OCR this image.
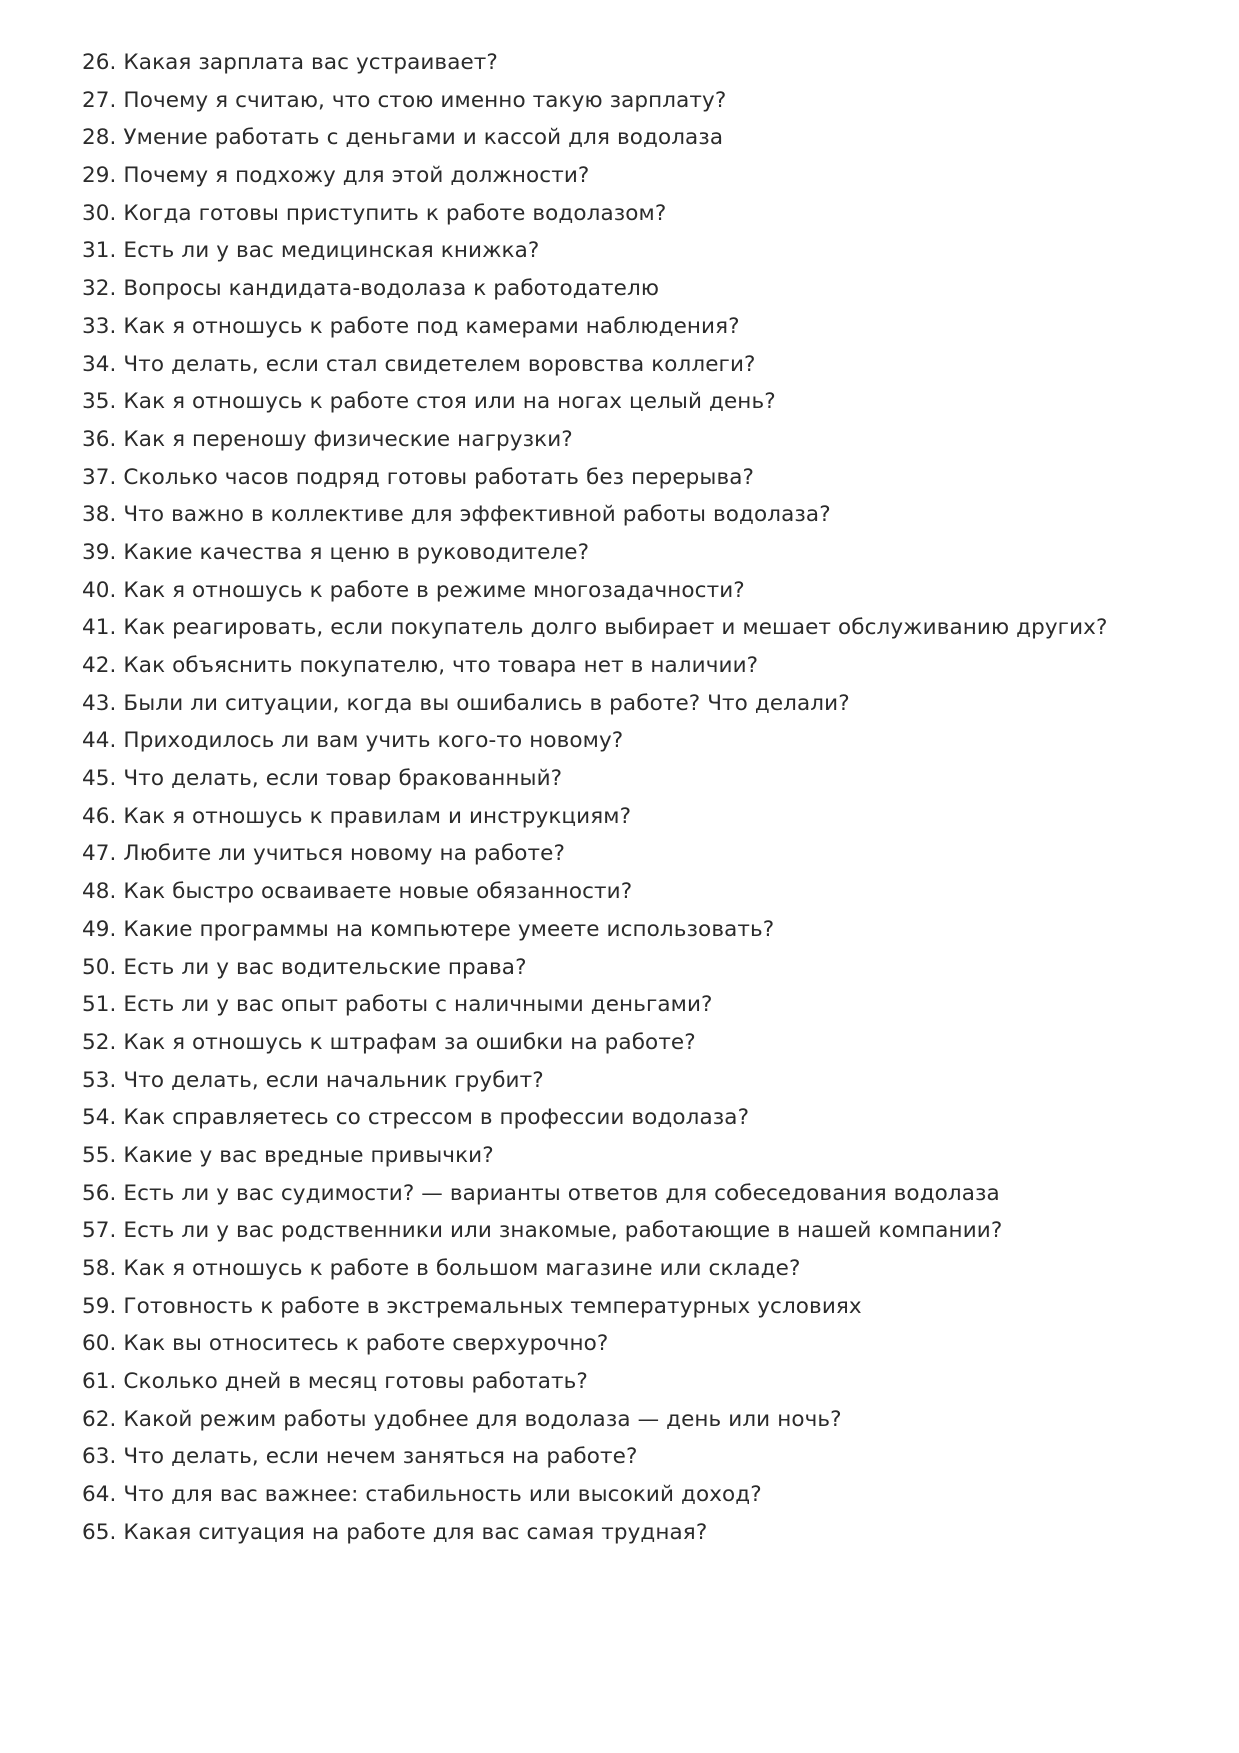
26. Какая зарплата вас устраивает?
27. Почему я считаю, что стою именно такую зарплату?
28. Умение работать с деньгами и кассой для водолаза
29. Почему я подхожу для этой должности?
30. Когда готовы приступить к работе водолазом?
31. Есть ли у вас медицинская книжка?
32. Вопросы кандидата-водолаза к работодателю
33. Как я отношусь к работе под камерами наблюдения?
34. Что делать, если стал свидетелем воровства коллеги?
35. Как я отношусь к работе стоя или на ногах целый день?
36. Как я переношу физические нагрузки?
37. Сколько часов подряд готовы работать без перерыва?
38. Что важно в коллективе для эффективной работы водолаза?
39. Какие качества я ценю в руководителе?
40. Как я отношусь к работе в режиме многозадачности?
41. Как реагировать, если покупатель долго выбирает и мешает обслуживанию других?
42. Как объяснить покупателю, что товара нет в наличии?
43. Были ли ситуации, когда вы ошибались в работе? Что делали?
44. Приходилось ли вам учить кого-то новому?
45. Что делать, если товар бракованный?
46. Как я отношусь к правилам и инструкциям?
47. Любите ли учиться новому на работе?
48. Как быстро осваиваете новые обязанности?
49. Какие программы на компьютере умеете использовать?
50. Есть ли у вас водительские права?
51. Есть ли у вас опыт работы с наличными деньгами?
52. Как я отношусь к штрафам за ошибки на работе?
53. Что делать, если начальник грубит?
54. Как справляетесь со стрессом в профессии водолаза?
55. Какие у вас вредные привычки?
56. Есть ли у вас судимости? — варианты ответов для собеседования водолаза
57. Есть ли у вас родственники или знакомые, работающие в нашей компании?
58. Как я отношусь к работе в большом магазине или складе?
59. Готовность к работе в экстремальных температурных условиях
60. Как вы относитесь к работе сверхурочно?
61. Сколько дней в месяц готовы работать?
62. Какой режим работы удобнее для водолаза — день или ночь?
63. Что делать, если нечем заняться на работе?
64. Что для вас важнее: стабильность или высокий доход?
65. Какая ситуация на работе для вас самая трудная?
